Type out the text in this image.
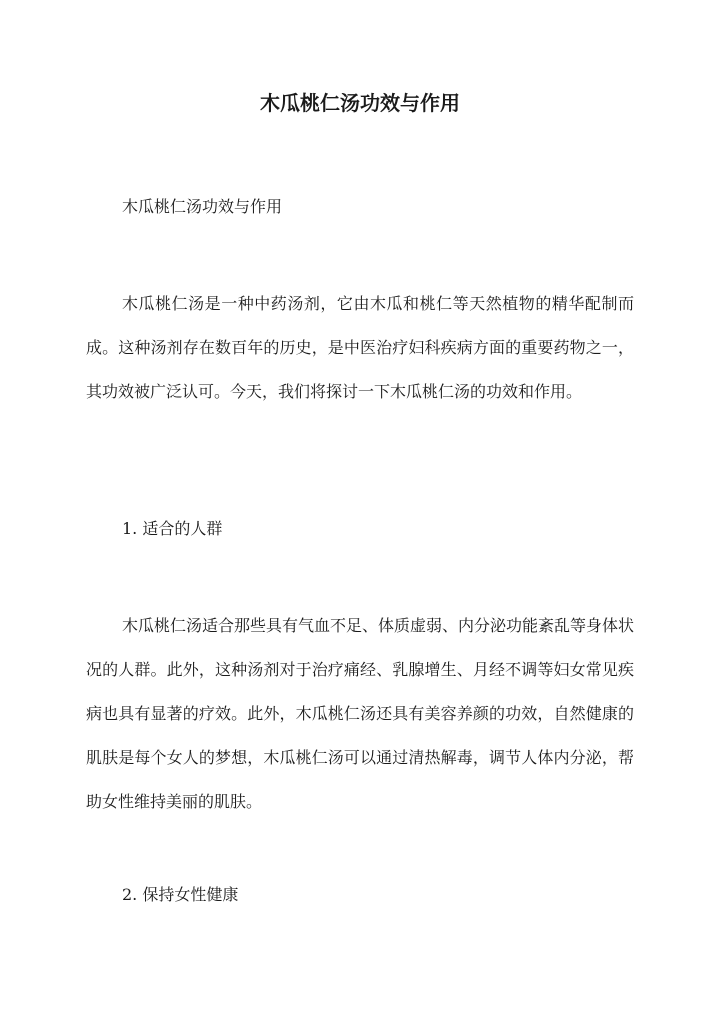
木瓜桃仁汤功效与作用

木瓜桃仁汤功效与作用

木瓜桃仁汤是一种中药汤剂，它由木瓜和桃仁等天然植物的精华配制而成。这种汤剂存在数百年的历史，是中医治疗妇科疾病方面的重要药物之一，其功效被广泛认可。今天，我们将探讨一下木瓜桃仁汤的功效和作用。

1. 适合的人群

木瓜桃仁汤适合那些具有气血不足、体质虚弱、内分泌功能紊乱等身体状况的人群。此外，这种汤剂对于治疗痛经、乳腺增生、月经不调等妇女常见疾病也具有显著的疗效。此外，木瓜桃仁汤还具有美容养颜的功效，自然健康的肌肤是每个女人的梦想，木瓜桃仁汤可以通过清热解毒，调节人体内分泌，帮助女性维持美丽的肌肤。

2. 保持女性健康
